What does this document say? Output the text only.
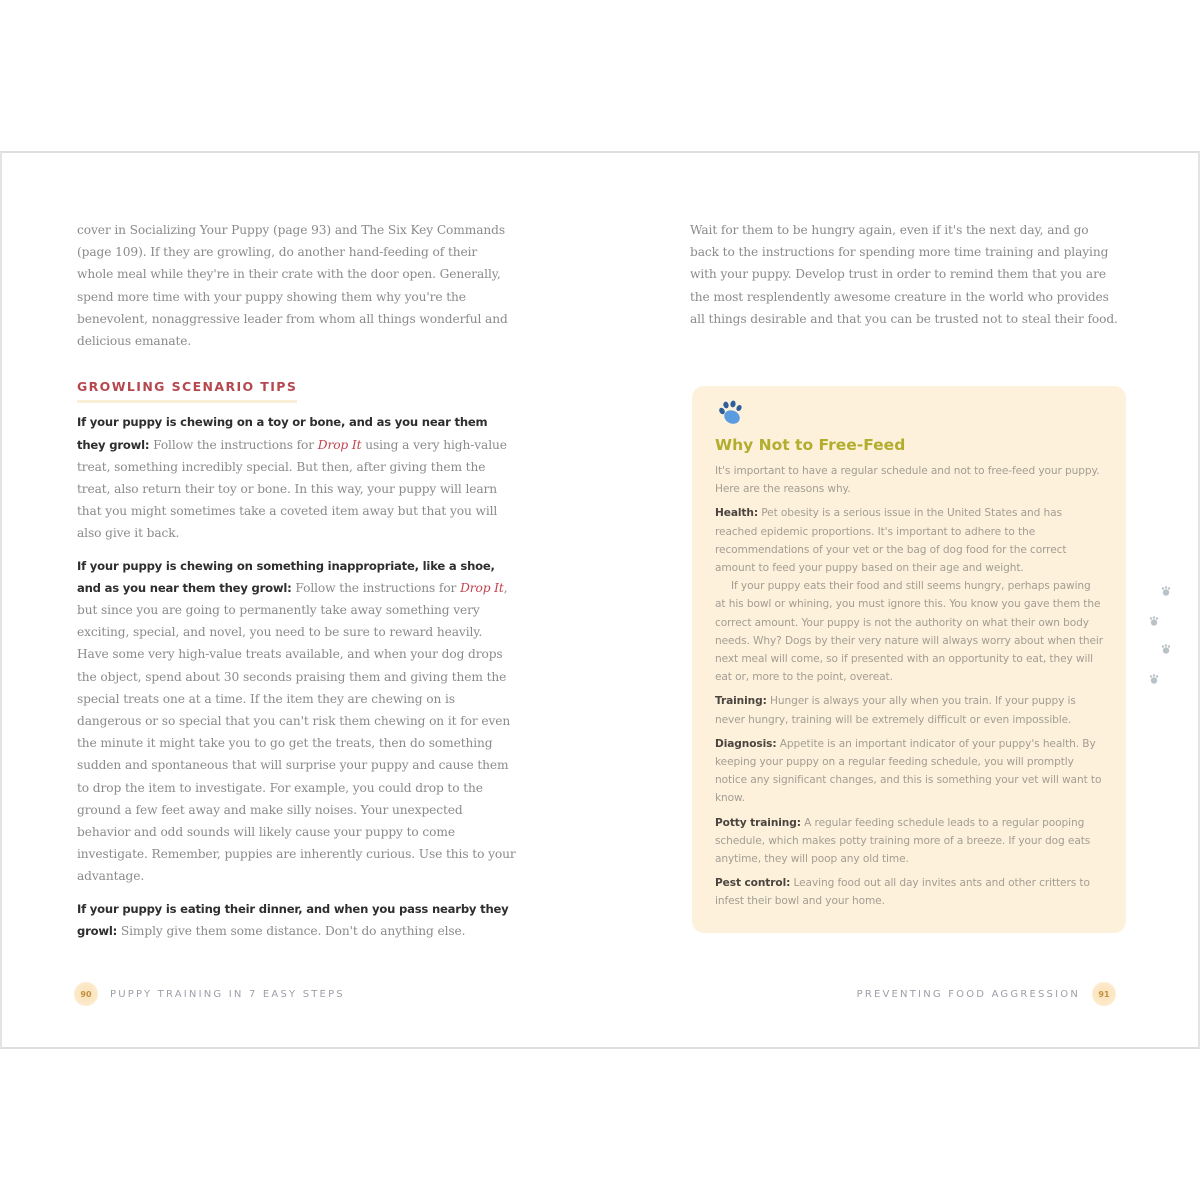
cover in Socializing Your Puppy (page 93) and The Six Key Commands (page 109). If they are growling, do another hand-feeding of their whole meal while they're in their crate with the door open. Generally, spend more time with your puppy showing them why you're the benevolent, nonaggressive leader from whom all things wonderful and delicious emanate.

GROWLING SCENARIO TIPS

If your puppy is chewing on a toy or bone, and as you near them they growl: Follow the instructions for Drop It using a very high-value treat, something incredibly special. But then, after giving them the treat, also return their toy or bone. In this way, your puppy will learn that you might sometimes take a coveted item away but that you will also give it back.

If your puppy is chewing on something inappropriate, like a shoe, and as you near them they growl: Follow the instructions for Drop It, but since you are going to permanently take away something very exciting, special, and novel, you need to be sure to reward heavily. Have some very high-value treats available, and when your dog drops the object, spend about 30 seconds praising them and giving them the special treats one at a time. If the item they are chewing on is dangerous or so special that you can't risk them chewing on it for even the minute it might take you to go get the treats, then do something sudden and spontaneous that will surprise your puppy and cause them to drop the item to investigate. For example, you could drop to the ground a few feet away and make silly noises. Your unexpected behavior and odd sounds will likely cause your puppy to come investigate. Remember, puppies are inherently curious. Use this to your advantage.

If your puppy is eating their dinner, and when you pass nearby they growl: Simply give them some distance. Don't do anything else.

Wait for them to be hungry again, even if it's the next day, and go back to the instructions for spending more time training and playing with your puppy. Develop trust in order to remind them that you are the most resplendently awesome creature in the world who provides all things desirable and that you can be trusted not to steal their food.

Why Not to Free-Feed

It's important to have a regular schedule and not to free-feed your puppy. Here are the reasons why.

Health: Pet obesity is a serious issue in the United States and has reached epidemic proportions. It's important to adhere to the recommendations of your vet or the bag of dog food for the correct amount to feed your puppy based on their age and weight.

If your puppy eats their food and still seems hungry, perhaps pawing at his bowl or whining, you must ignore this. You know you gave them the correct amount. Your puppy is not the authority on what their own body needs. Why? Dogs by their very nature will always worry about when their next meal will come, so if presented with an opportunity to eat, they will eat or, more to the point, overeat.

Training: Hunger is always your ally when you train. If your puppy is never hungry, training will be extremely difficult or even impossible.

Diagnosis: Appetite is an important indicator of your puppy's health. By keeping your puppy on a regular feeding schedule, you will promptly notice any significant changes, and this is something your vet will want to know.

Potty training: A regular feeding schedule leads to a regular pooping schedule, which makes potty training more of a breeze. If your dog eats anytime, they will poop any old time.

Pest control: Leaving food out all day invites ants and other critters to infest their bowl and your home.

90	PUPPY TRAINING IN 7 EASY STEPS	PREVENTING FOOD AGGRESSION	91
